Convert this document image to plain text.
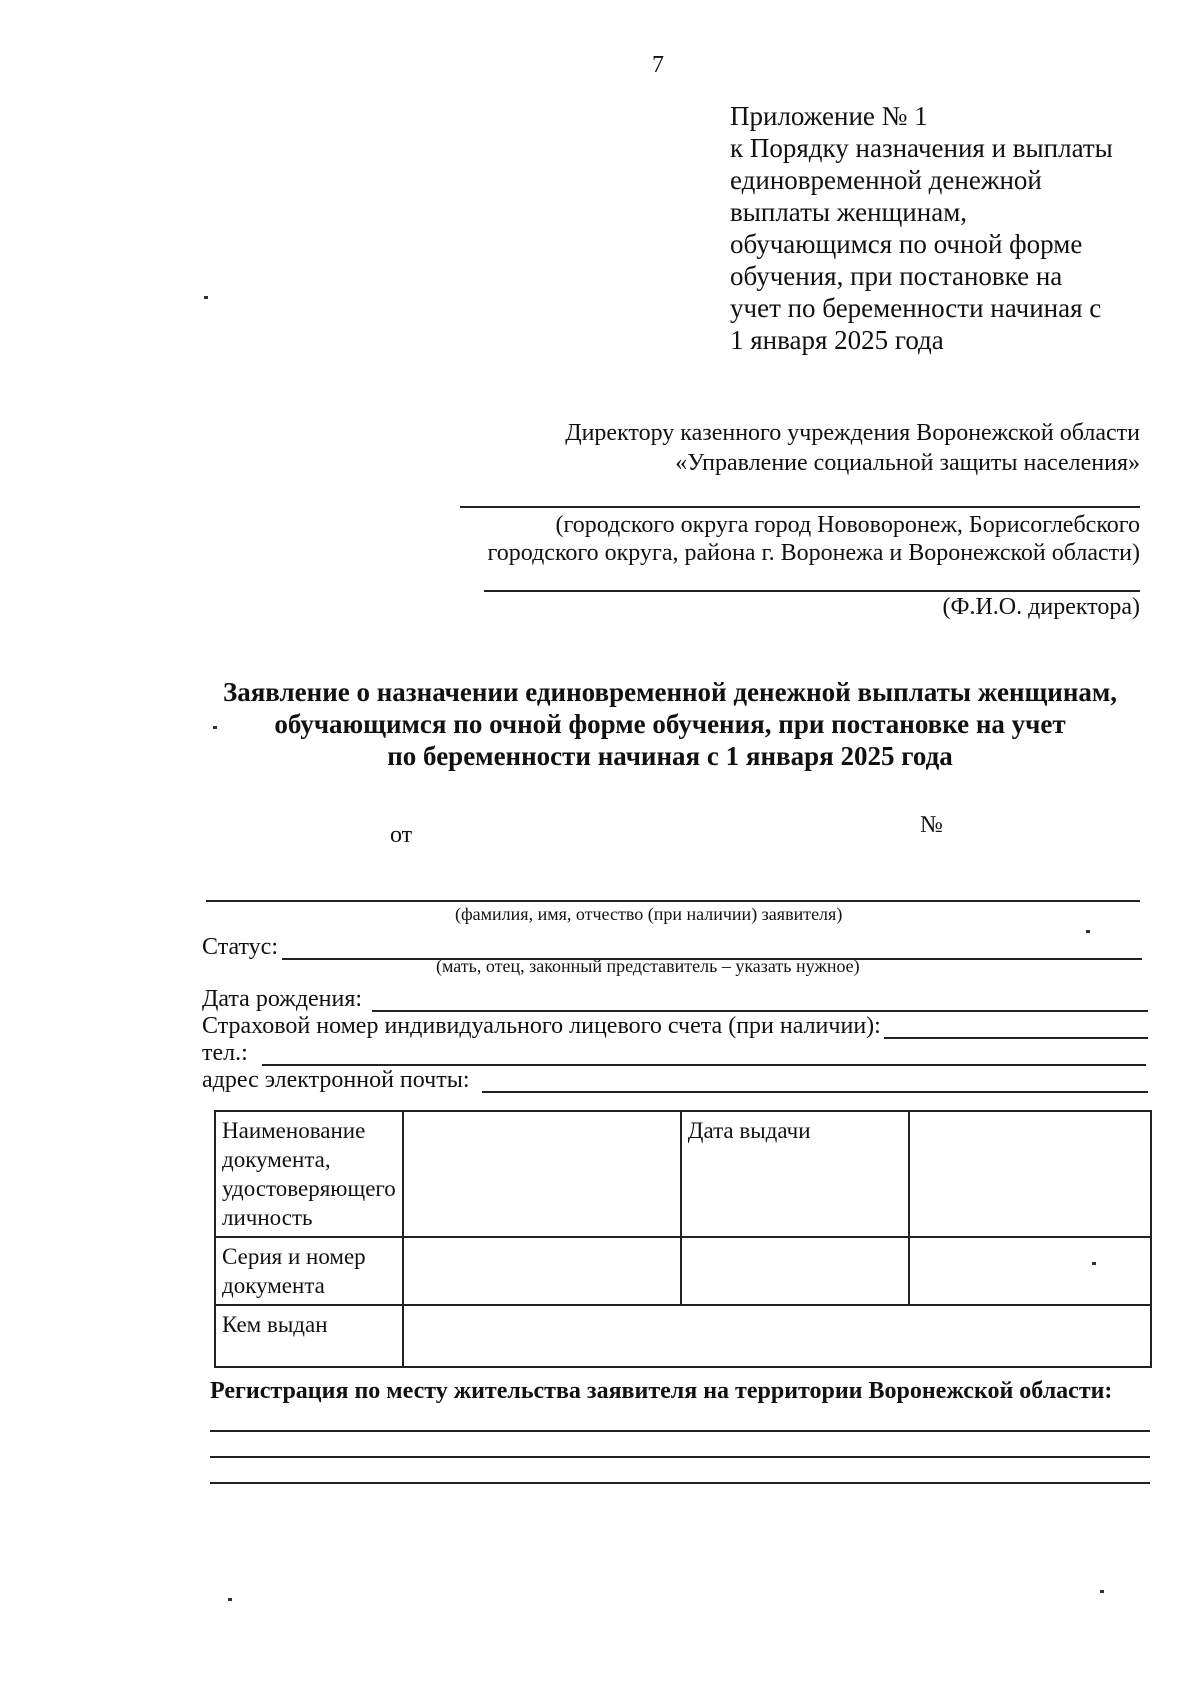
7
Приложение № 1
к Порядку назначения и выплаты
единовременной денежной
выплаты женщинам,
обучающимся по очной форме
обучения, при постановке на
учет по беременности начиная с
1 января 2025 года
Директору казенного учреждения Воронежской области
«Управление социальной защиты населения»
(городского округа город Нововоронеж, Борисоглебского
городского округа, района г. Воронежа и Воронежской области)
(Ф.И.О. директора)
Заявление о назначении единовременной денежной выплаты женщинам,
обучающимся по очной форме обучения, при постановке на учет
по беременности начиная с 1 января 2025 года
от	№
(фамилия, имя, отчество (при наличии) заявителя)
Статус:
(мать, отец, законный представитель – указать нужное)
Дата рождения:
Страховой номер индивидуального лицевого счета (при наличии):
тел.:
адрес электронной почты:
Наименование документа, удостоверяющего личность		Дата выдачи	
Серия и номер документа			
Кем выдан			
Регистрация по месту жительства заявителя на территории Воронежской области:
